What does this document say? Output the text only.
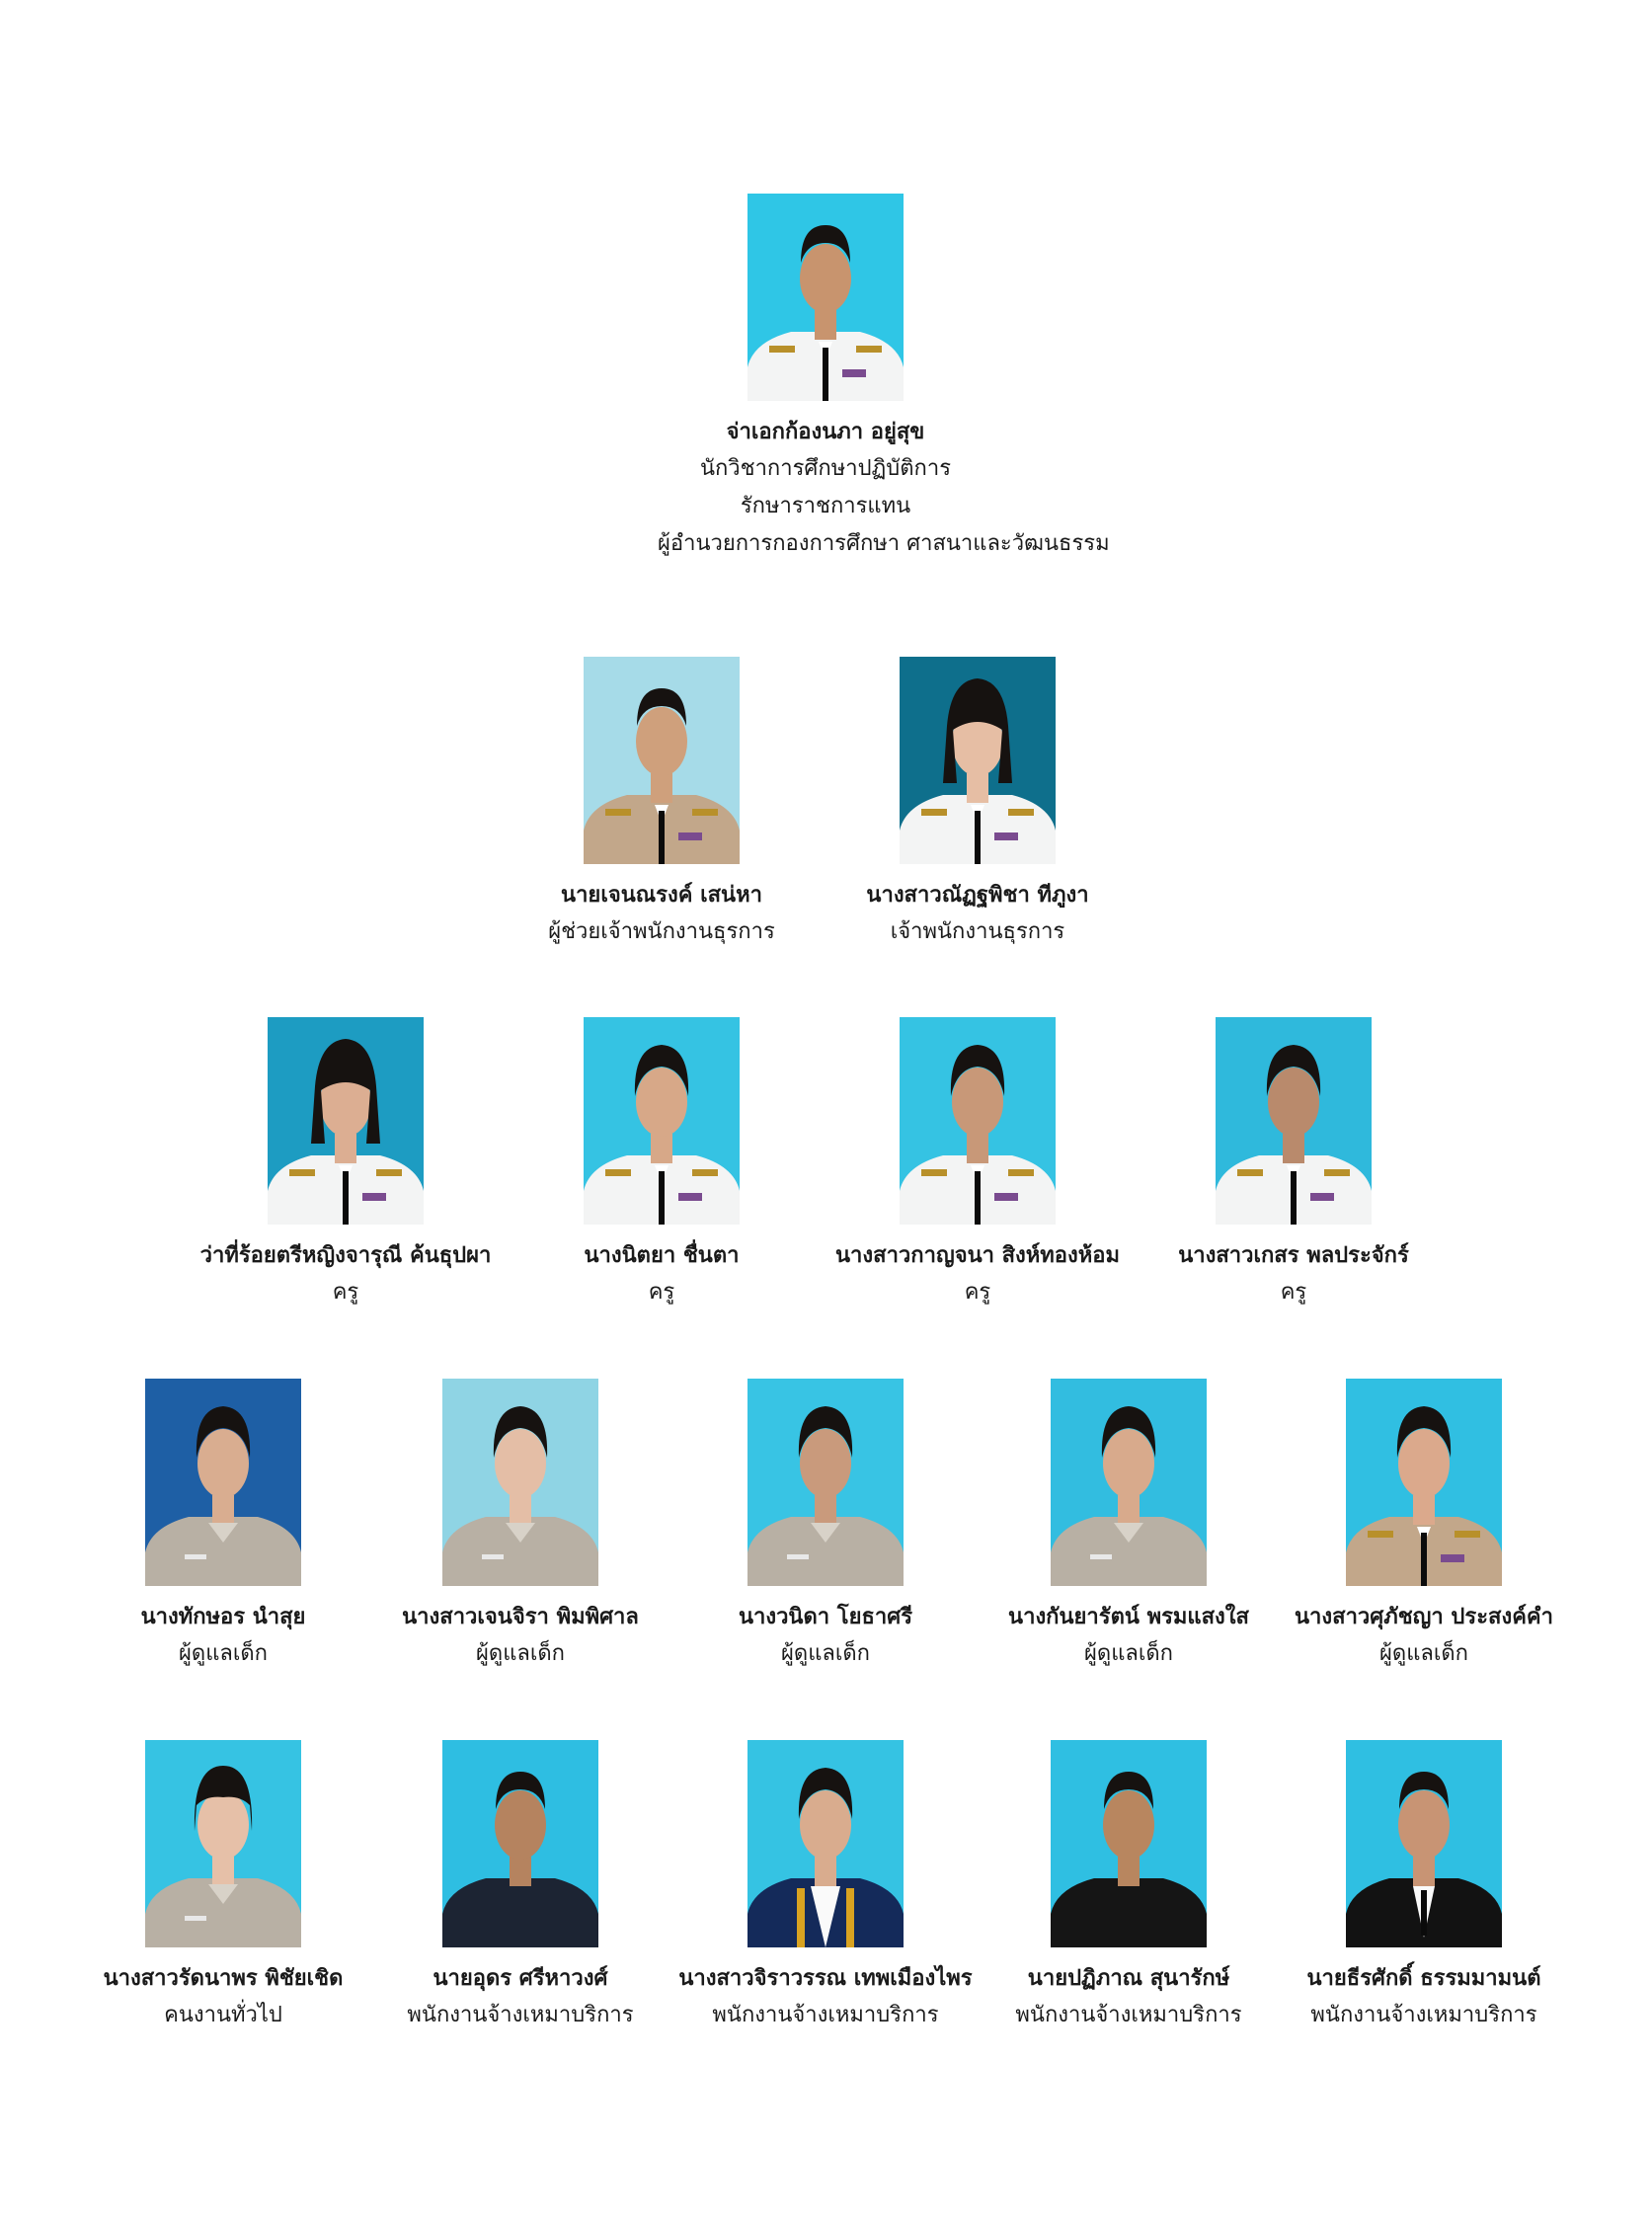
จ่าเอกก้องนภา อยู่สุข
นักวิชาการศึกษาปฏิบัติการ
รักษาราชการแทน
ผู้อำนวยการกองการศึกษา ศาสนาและวัฒนธรรม
นายเจนณรงค์ เสน่หา
ผู้ช่วยเจ้าพนักงานธุรการ
นางสาวณัฏฐพิชา ทีภูงา
เจ้าพนักงานธุรการ
ว่าที่ร้อยตรีหญิงจารุณี ค้นธุปผา
ครู
นางนิตยา ชื่นตา
ครู
นางสาวกาญจนา สิงห์ทองห้อม
ครู
นางสาวเกสร พลประจักร์
ครู
นางทักษอร นำสุย
ผู้ดูแลเด็ก
นางสาวเจนจิรา พิมพิศาล
ผู้ดูแลเด็ก
นางวนิดา โยธาศรี
ผู้ดูแลเด็ก
นางกันยารัตน์ พรมแสงใส
ผู้ดูแลเด็ก
นางสาวศุภัชญา ประสงค์คำ
ผู้ดูแลเด็ก
นางสาวรัดนาพร พิชัยเชิด
คนงานทั่วไป
นายอุดร ศรีหาวงศ์
พนักงานจ้างเหมาบริการ
นางสาวจิราวรรณ เทพเมืองไพร
พนักงานจ้างเหมาบริการ
นายปฏิภาณ สุนารักษ์
พนักงานจ้างเหมาบริการ
นายธีรศักดิ์ ธรรมมามนต์
พนักงานจ้างเหมาบริการ
